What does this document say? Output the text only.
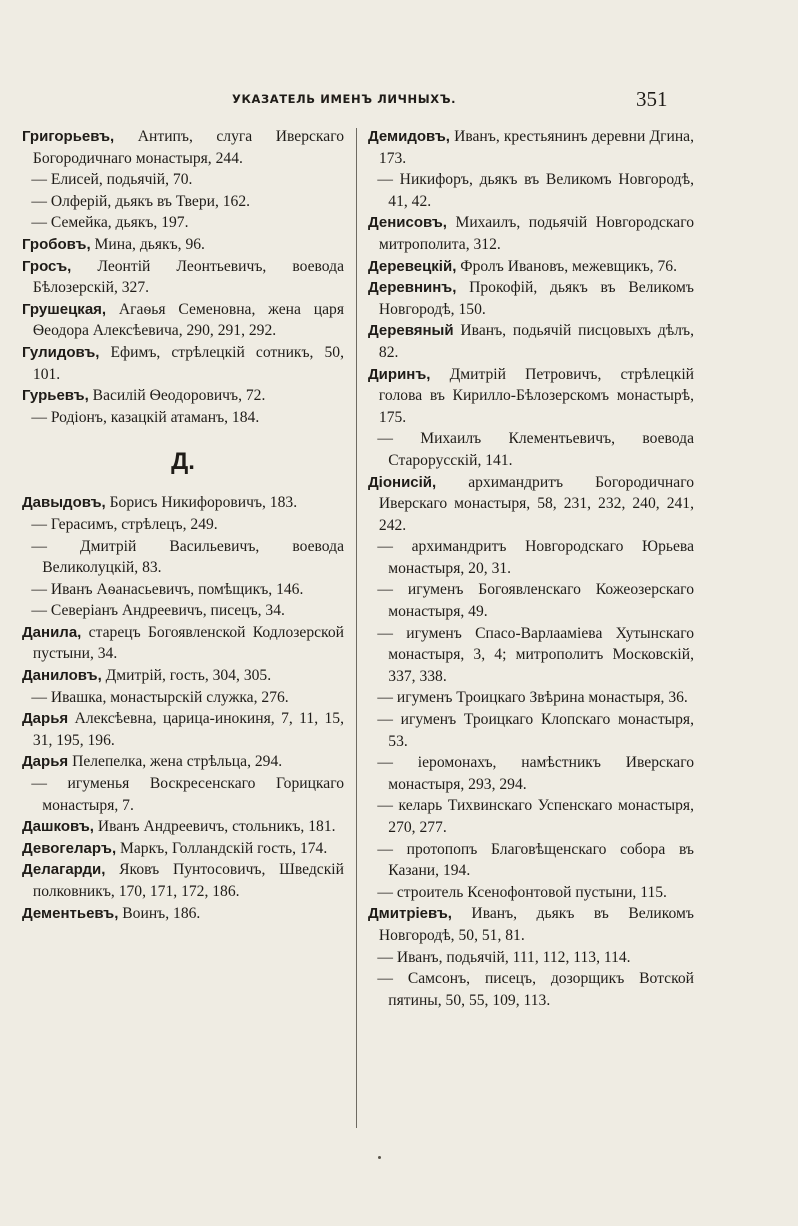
УКАЗАТЕЛЬ ИМЕНЪ ЛИЧНЫХЪ.	351

Григорьевъ, Антипъ, слуга Иверскаго Богородичнаго монастыря, 244.

— Елисей, подьячій, 70.

— Олферій, дьякъ въ Твери, 162.

— Семейка, дьякъ, 197.

Гробовъ, Мина, дьякъ, 96.

Гросъ, Леонтій Леонтьевичъ, воевода Бѣлозерскій, 327.

Грушецкая, Агаѳья Семеновна, жена царя Ѳеодора Алексѣевича, 290, 291, 292.

Гулидовъ, Ефимъ, стрѣлецкій сотникъ, 50, 101.

Гурьевъ, Василій Ѳеодоровичъ, 72.

— Родіонъ, казацкій атаманъ, 184.

Д.

Давыдовъ, Борисъ Никифоровичъ, 183.

— Герасимъ, стрѣлецъ, 249.

— Дмитрій Васильевичъ, воевода Великолуцкій, 83.

— Иванъ Аѳанасьевичъ, помѣщикъ, 146.

— Северіанъ Андреевичъ, писецъ, 34.

Данила, старецъ Богоявленской Кодлозерской пустыни, 34.

Даниловъ, Дмитрій, гость, 304, 305.

— Ивашка, монастырскій служка, 276.

Дарья Алексѣевна, царица-инокиня, 7, 11, 15, 31, 195, 196.

Дарья Пелепелка, жена стрѣльца, 294.

— игуменья Воскресенскаго Горицкаго монастыря, 7.

Дашковъ, Иванъ Андреевичъ, стольникъ, 181.

Девогеларъ, Маркъ, Голландскій гость, 174.

Делагарди, Яковъ Пунтосовичъ, Шведскій полковникъ, 170, 171, 172, 186.

Дементьевъ, Воинъ, 186.

Демидовъ, Иванъ, крестьянинъ деревни Дгина, 173.

— Никифоръ, дьякъ въ Великомъ Новгородѣ, 41, 42.

Денисовъ, Михаилъ, подьячій Новгородскаго митрополита, 312.

Деревецкій, Фролъ Ивановъ, межевщикъ, 76.

Деревнинъ, Прокофій, дьякъ въ Великомъ Новгородѣ, 150.

Деревяный Иванъ, подьячій писцовыхъ дѣлъ, 82.

Диринъ, Дмитрій Петровичъ, стрѣлецкій голова въ Кирилло-Бѣлозерскомъ монастырѣ, 175.

— Михаилъ Клементьевичъ, воевода Старорусскій, 141.

Діонисій, архимандритъ Богородичнаго Иверскаго монастыря, 58, 231, 232, 240, 241, 242.

— архимандритъ Новгородскаго Юрьева монастыря, 20, 31.

— игуменъ Богоявленскаго Кожеозерскаго монастыря, 49.

— игуменъ Спасо-Варлааміева Хутынскаго монастыря, 3, 4; митрополитъ Московскій, 337, 338.

— игуменъ Троицкаго Звѣрина монастыря, 36.

— игуменъ Троицкаго Клопскаго монастыря, 53.

— іеромонахъ, намѣстникъ Иверскаго монастыря, 293, 294.

— келарь Тихвинскаго Успенскаго монастыря, 270, 277.

— протопопъ Благовѣщенскаго собора въ Казани, 194.

— строитель Ксенофонтовой пустыни, 115.

Дмитріевъ, Иванъ, дьякъ въ Великомъ Новгородѣ, 50, 51, 81.

— Иванъ, подьячій, 111, 112, 113, 114.

— Самсонъ, писецъ, дозорщикъ Вотской пятины, 50, 55, 109, 113.
